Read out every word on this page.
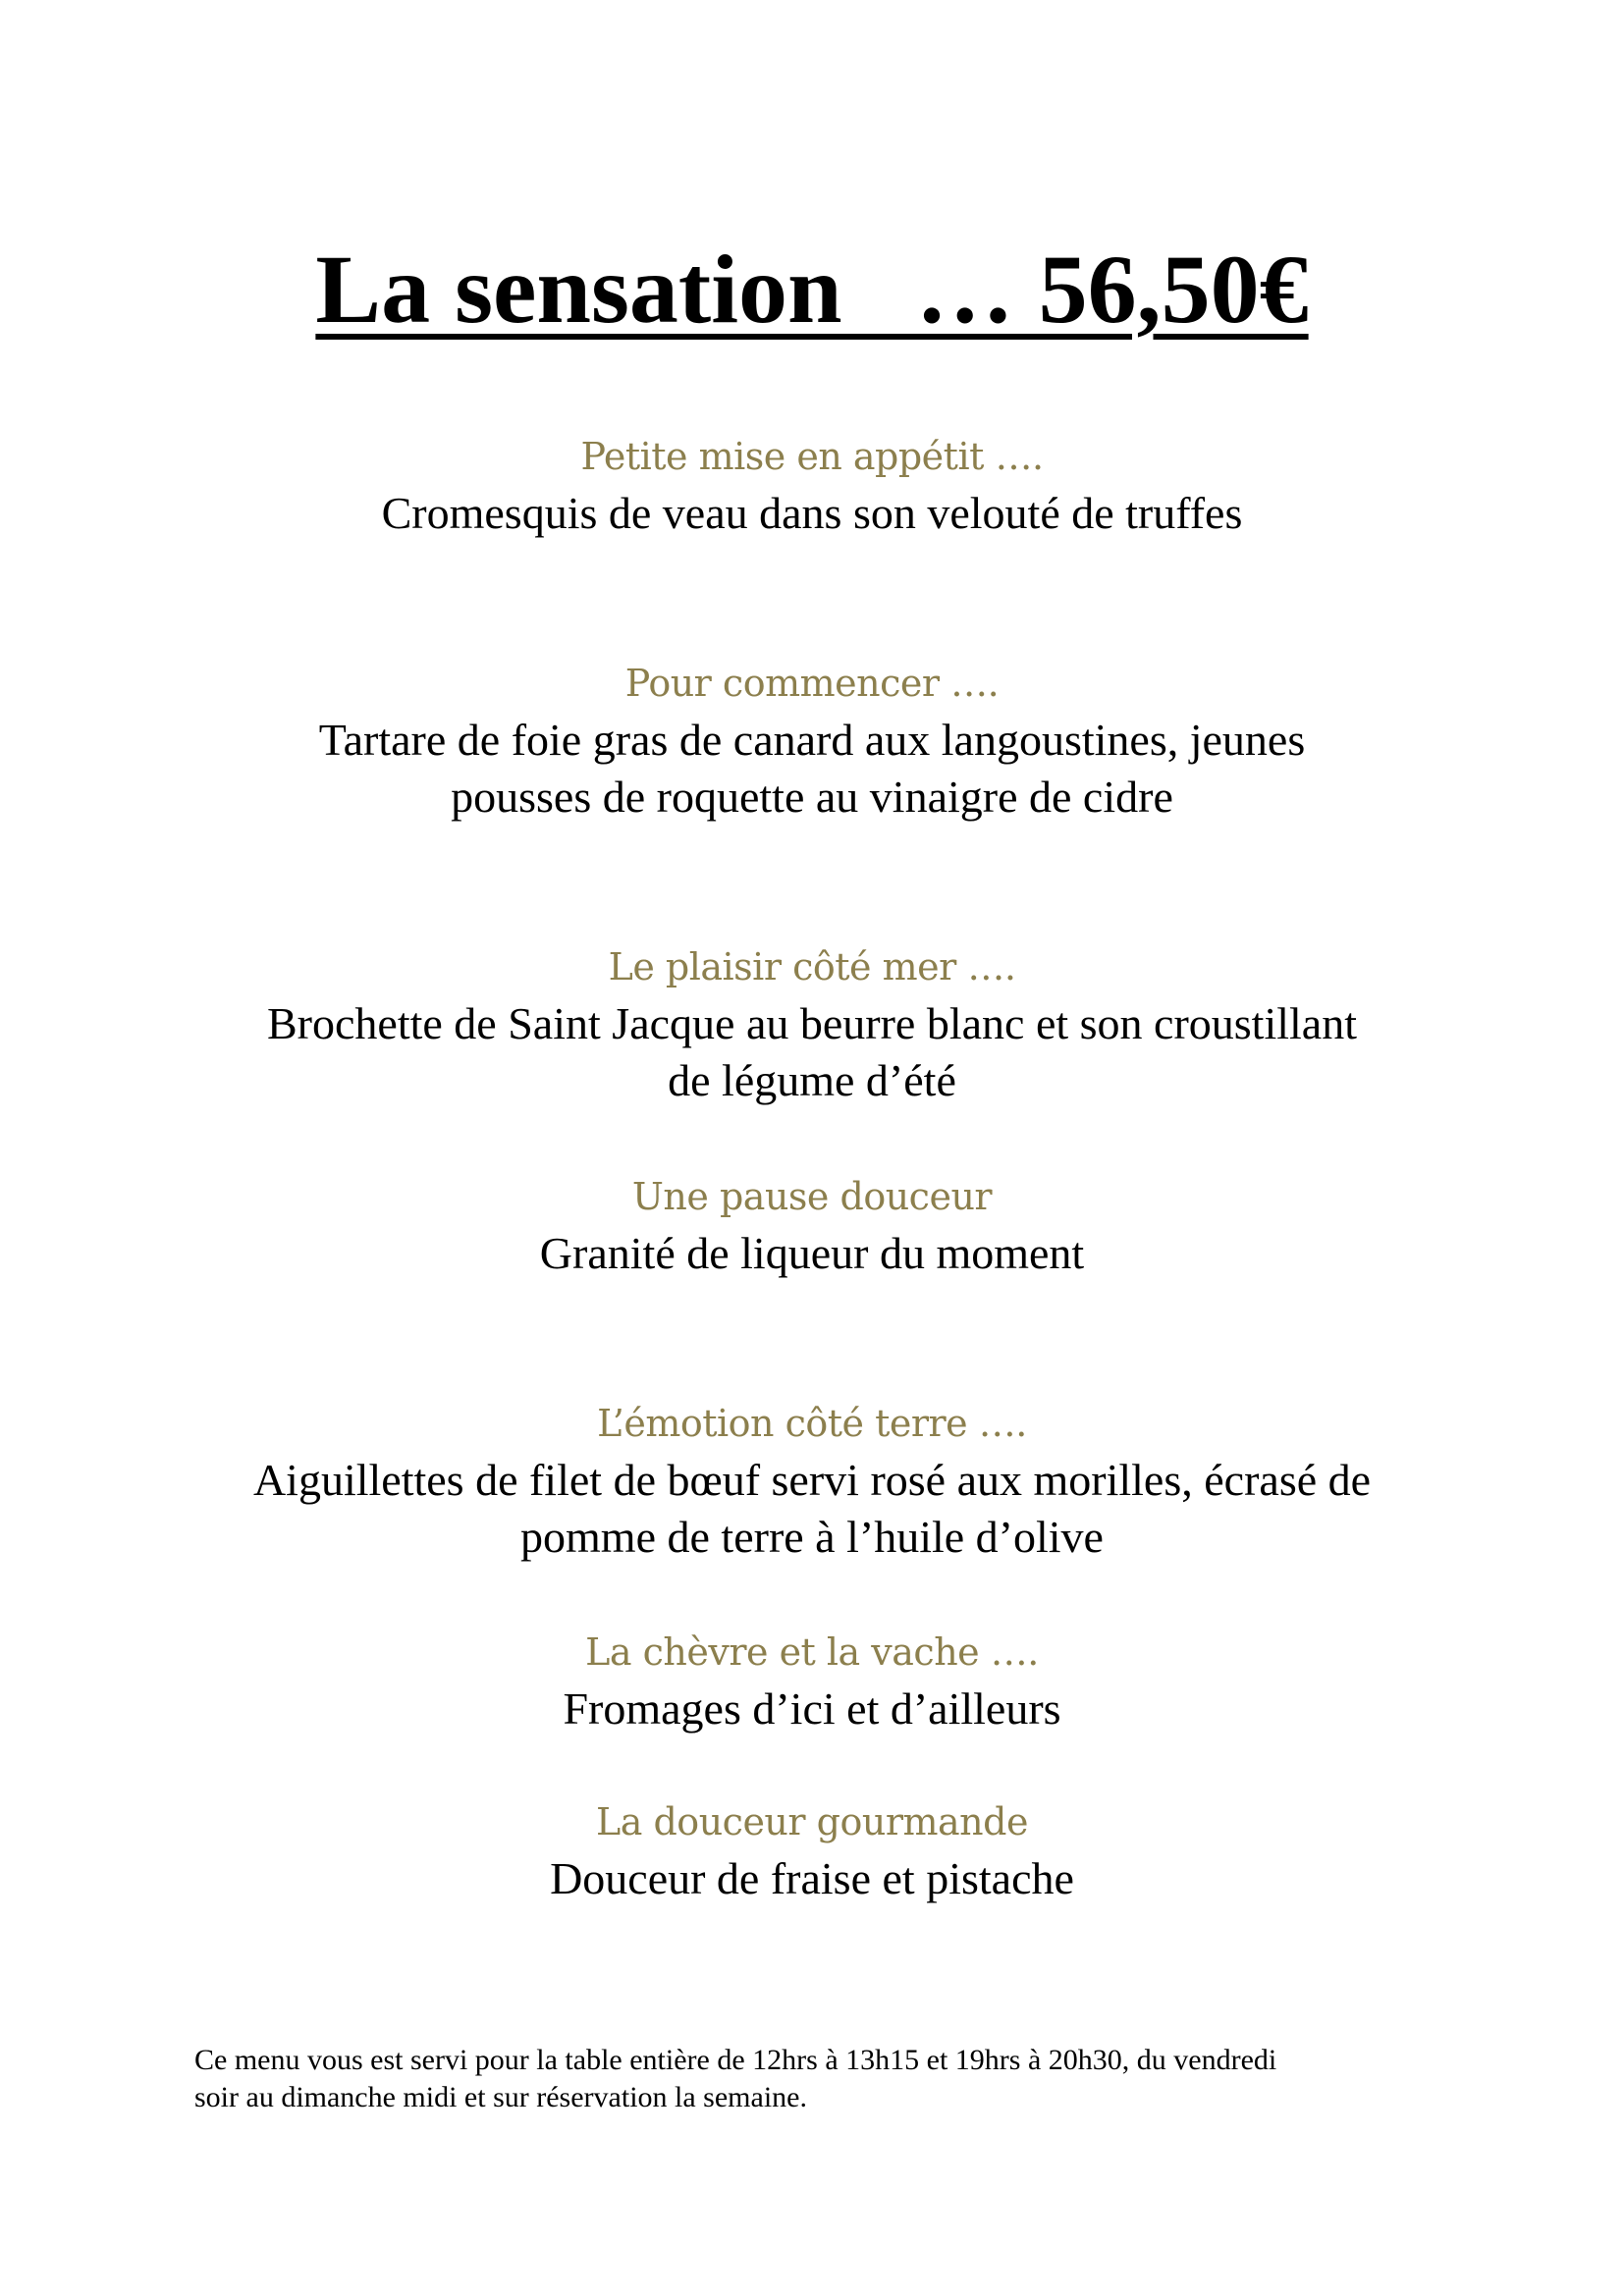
La sensation   … 56,50€
Petite mise en appétit ….
Cromesquis de veau dans son velouté de truffes
Pour commencer ….
Tartare de foie gras de canard aux langoustines, jeunes
pousses de roquette au vinaigre de cidre
Le plaisir côté mer ….
Brochette de Saint Jacque au beurre blanc et son croustillant
de légume d’été
Une pause douceur
Granité de liqueur du moment
L’émotion côté terre ….
Aiguillettes de filet de bœuf servi rosé aux morilles, écrasé de
pomme de terre à l’huile d’olive
La chèvre et la vache ….
Fromages d’ici et d’ailleurs
La douceur gourmande
Douceur de fraise et pistache
Ce menu vous est servi pour la table entière de 12hrs à 13h15 et 19hrs à 20h30, du vendredi
soir au dimanche midi et sur réservation la semaine.
